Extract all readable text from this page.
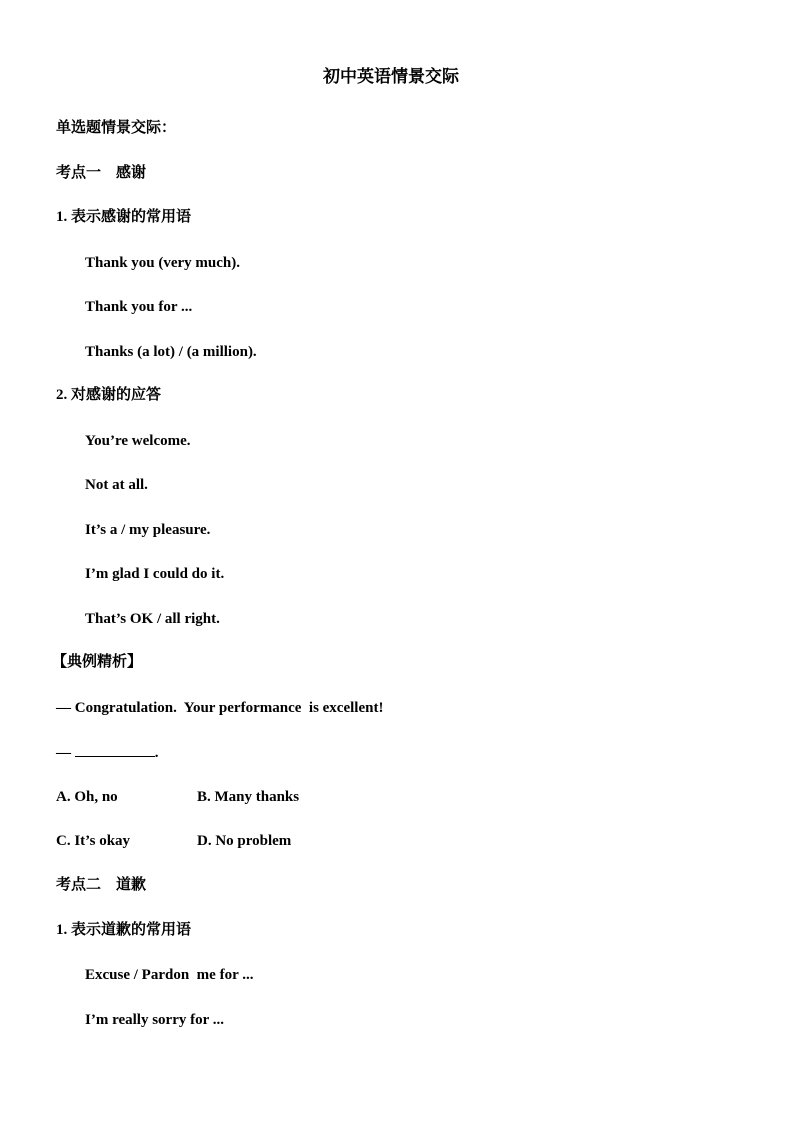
初中英语情景交际
单选题情景交际：
考点一　感谢
1. 表示感谢的常用语
Thank you (very much).
Thank you for ...
Thanks (a lot) / (a million).
2. 对感谢的应答
You’re welcome.
Not at all.
It’s a / my pleasure.
I’m glad I could do it.
That’s OK / all right.
【典例精析】
— Congratulation.  Your performance  is excellent!
—	.
A. Oh, no	B. Many thanks
C. It’s okay	D. No problem
考点二　道歉
1. 表示道歉的常用语
Excuse / Pardon  me for ...
I’m really sorry for ...
